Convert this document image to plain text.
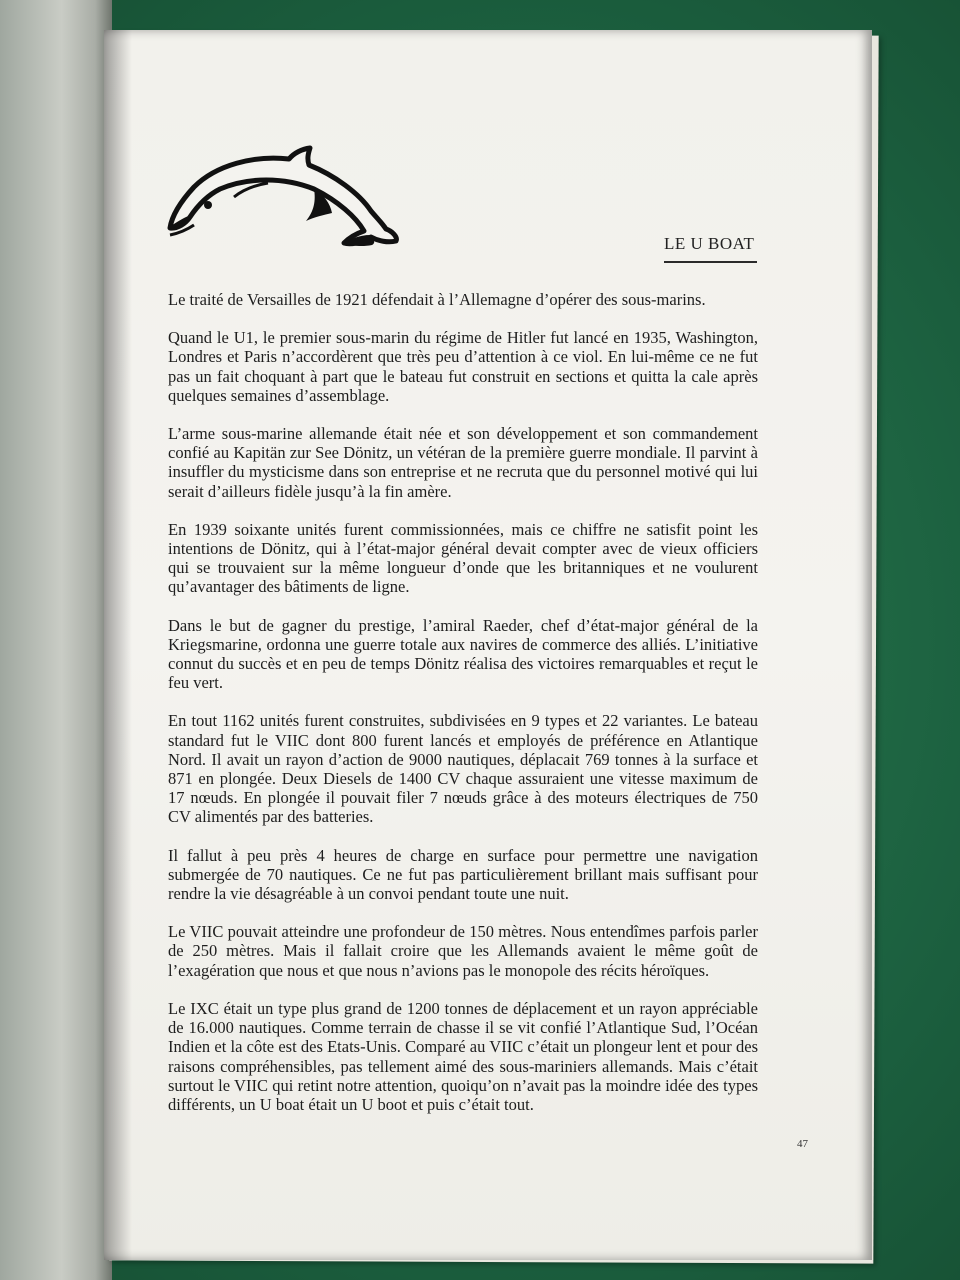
LE U BOAT

Le traité de Versailles de 1921 défendait à l’Allemagne d’opérer des sous-marins.

Quand le U1, le premier sous-marin du régime de Hitler fut lancé en 1935, Washington, Londres et Paris n’accordèrent que très peu d’attention à ce viol. En lui-même ce ne fut pas un fait choquant à part que le bateau fut construit en sections et quitta la cale après quelques semaines d’assemblage.

L’arme sous-marine allemande était née et son développement et son commandement confié au Kapitän zur See Dönitz, un vétéran de la première guerre mondiale. Il parvint à insuffler du mysticisme dans son entreprise et ne recruta que du personnel motivé qui lui serait d’ailleurs fidèle jusqu’à la fin amère.

En 1939 soixante unités furent commissionnées, mais ce chiffre ne satisfit point les intentions de Dönitz, qui à l’état-major général devait compter avec de vieux officiers qui se trouvaient sur la même longueur d’onde que les britanniques et ne voulurent qu’avantager des bâtiments de ligne.

Dans le but de gagner du prestige, l’amiral Raeder, chef d’état-major général de la Kriegsmarine, ordonna une guerre totale aux navires de commerce des alliés. L’initiative connut du succès et en peu de temps Dönitz réalisa des victoires remarquables et reçut le feu vert.

En tout 1162 unités furent construites, subdivisées en 9 types et 22 variantes. Le bateau standard fut le VIIC dont 800 furent lancés et employés de préférence en Atlantique Nord. Il avait un rayon d’action de 9000 nautiques, déplacait 769 tonnes à la surface et 871 en plongée. Deux Diesels de 1400 CV chaque assuraient une vitesse maximum de 17 nœuds. En plongée il pouvait filer 7 nœuds grâce à des moteurs électriques de 750 CV alimentés par des batteries.

Il fallut à peu près 4 heures de charge en surface pour permettre une navigation submergée de 70 nautiques. Ce ne fut pas particulièrement brillant mais suffisant pour rendre la vie désagréable à un convoi pendant toute une nuit.

Le VIIC pouvait atteindre une profondeur de 150 mètres. Nous entendîmes parfois parler de 250 mètres. Mais il fallait croire que les Allemands avaient le même goût de l’exagération que nous et que nous n’avions pas le monopole des récits héroïques.

Le IXC était un type plus grand de 1200 tonnes de déplacement et un rayon appréciable de 16.000 nautiques. Comme terrain de chasse il se vit confié l’Atlantique Sud, l’Océan Indien et la côte est des Etats-Unis. Comparé au VIIC c’était un plongeur lent et pour des raisons compréhensibles, pas tellement aimé des sous-mariniers allemands. Mais c’était surtout le VIIC qui retint notre attention, quoiqu’on n’avait pas la moindre idée des types différents, un U boat était un U boot et puis c’était tout.

47
